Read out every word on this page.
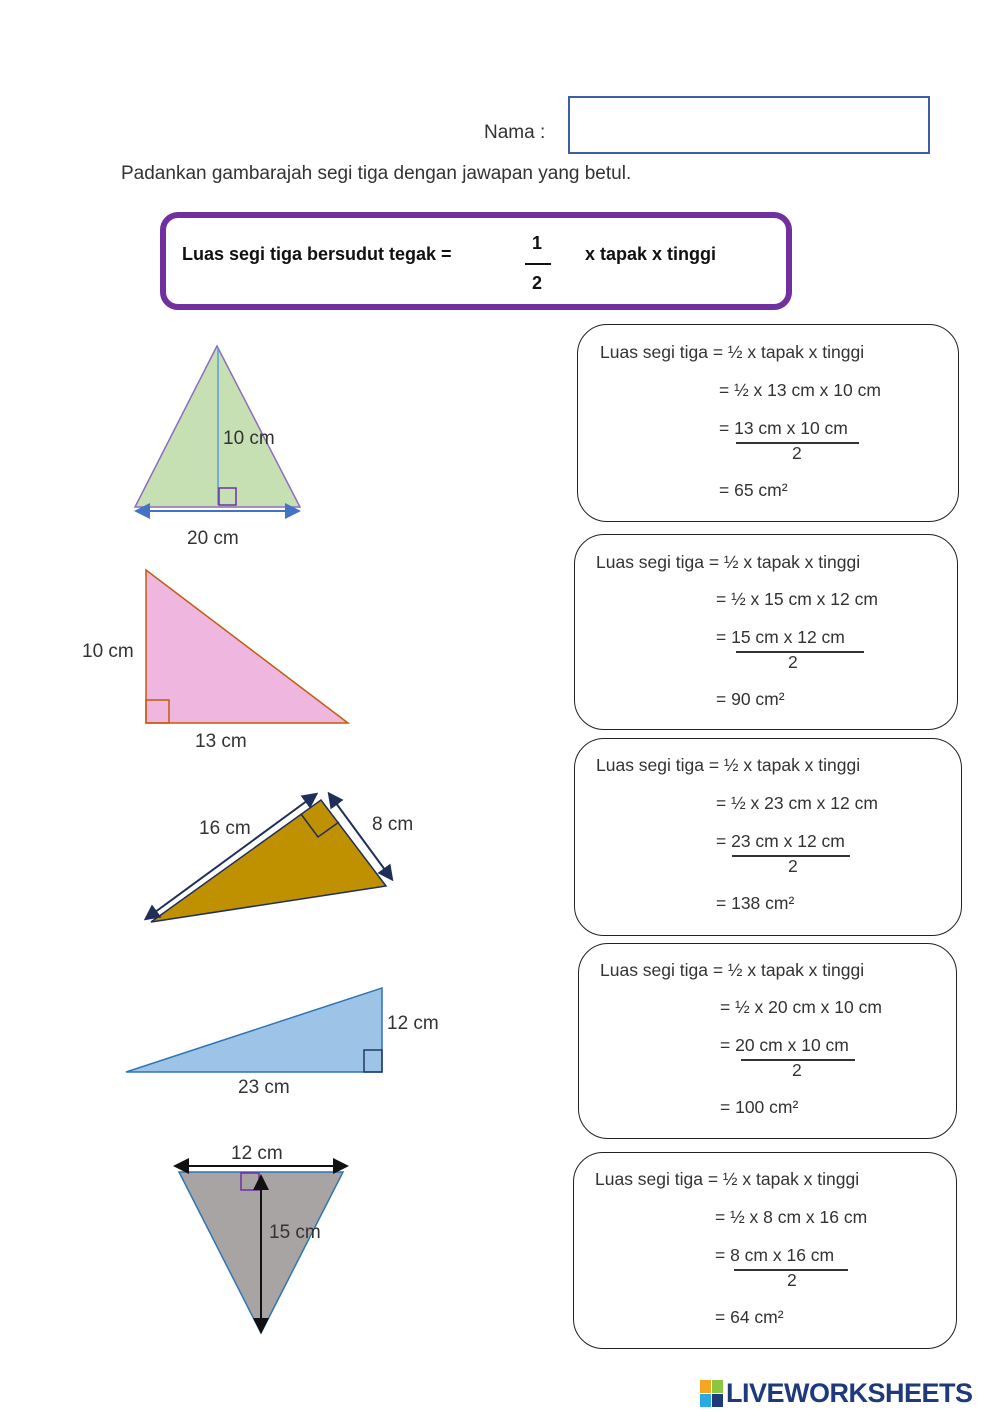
Nama :
Padankan gambarajah segi tiga dengan jawapan yang betul.
Luas segi tiga bersudut tegak =
1
2
x tapak x tinggi
10 cm
20 cm
10 cm
13 cm
16 cm	8 cm
12 cm
23 cm
12 cm
15 cm
Luas segi tiga = ½ x tapak x tinggi
= ½ x 13 cm x 10 cm
= 13 cm x 10 cm
2
= 65 cm²
Luas segi tiga = ½ x tapak x tinggi
= ½ x 15 cm x 12 cm
= 15 cm x 12 cm
2
= 90 cm²
Luas segi tiga = ½ x tapak x tinggi
= ½ x 23 cm x 12 cm
= 23 cm x 12 cm
2
= 138 cm²
Luas segi tiga = ½ x tapak x tinggi
= ½ x 20 cm x 10 cm
= 20 cm x 10 cm
2
= 100 cm²
Luas segi tiga = ½ x tapak x tinggi
= ½ x 8 cm x 16 cm
= 8 cm x 16 cm
2
= 64 cm²
LIVEWORKSHEETS
